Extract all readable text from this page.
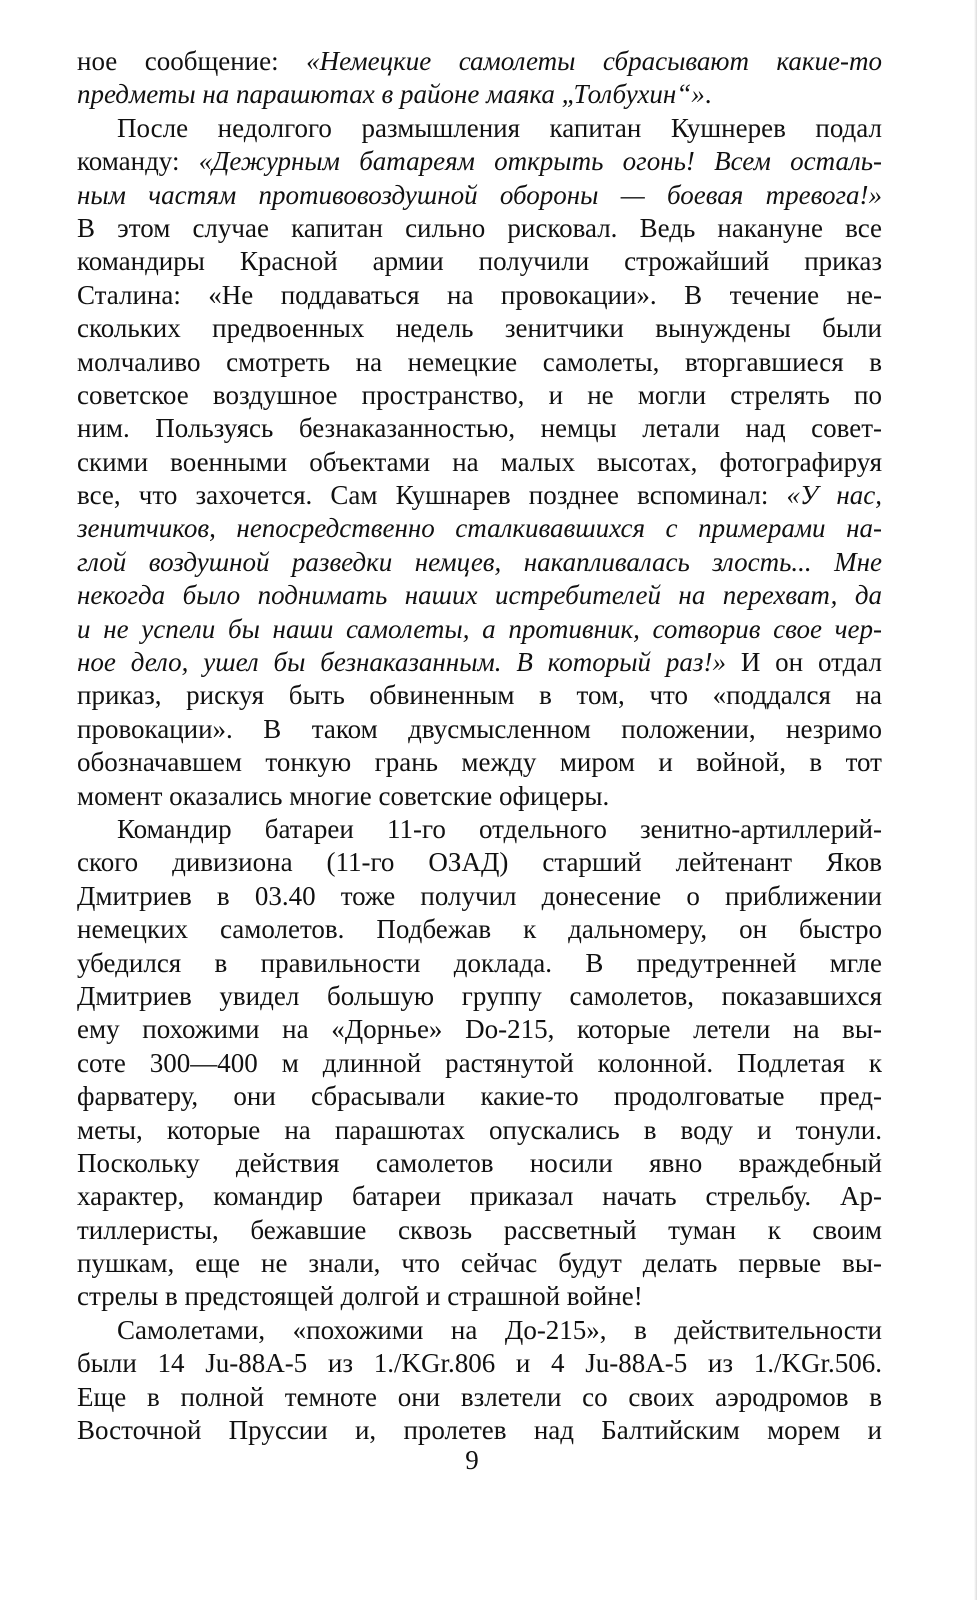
ное сообщение: «Немецкие самолеты сбрасывают какие-то
предметы на парашютах в районе маяка „Толбухин“».
После недолгого размышления капитан Кушнерев подал
команду: «Дежурным батареям открыть огонь! Всем осталь-
ным частям противовоздушной обороны — боевая тревога!»
В этом случае капитан сильно рисковал. Ведь накануне все
командиры Красной армии получили строжайший приказ
Сталина: «Не поддаваться на провокации». В течение не-
скольких предвоенных недель зенитчики вынуждены были
молчаливо смотреть на немецкие самолеты, вторгавшиеся в
советское воздушное пространство, и не могли стрелять по
ним. Пользуясь безнаказанностью, немцы летали над совет-
скими военными объектами на малых высотах, фотографируя
все, что захочется. Сам Кушнарев позднее вспоминал: «У нас,
зенитчиков, непосредственно сталкивавшихся с примерами на-
глой воздушной разведки немцев, накапливалась злость... Мне
некогда было поднимать наших истребителей на перехват, да
и не успели бы наши самолеты, а противник, сотворив свое чер-
ное дело, ушел бы безнаказанным. В который раз!» И он отдал
приказ, рискуя быть обвиненным в том, что «поддался на
провокации». В таком двусмысленном положении, незримо
обозначавшем тонкую грань между миром и войной, в тот
момент оказались многие советские офицеры.
Командир батареи 11-го отдельного зенитно-артиллерий-
ского дивизиона (11-го ОЗАД) старший лейтенант Яков
Дмитриев в 03.40 тоже получил донесение о приближении
немецких самолетов. Подбежав к дальномеру, он быстро
убедился в правильности доклада. В предутренней мгле
Дмитриев увидел большую группу самолетов, показавшихся
ему похожими на «Дорнье» Do-215, которые летели на вы-
соте 300—400 м длинной растянутой колонной. Подлетая к
фарватеру, они сбрасывали какие-то продолговатые пред-
меты, которые на парашютах опускались в воду и тонули.
Поскольку действия самолетов носили явно враждебный
характер, командир батареи приказал начать стрельбу. Ар-
тиллеристы, бежавшие сквозь рассветный туман к своим
пушкам, еще не знали, что сейчас будут делать первые вы-
стрелы в предстоящей долгой и страшной войне!
Самолетами, «похожими на До-215», в действительности
были 14 Ju-88A-5 из 1./KGr.806 и 4 Ju-88A-5 из 1./KGr.506.
Еще в полной темноте они взлетели со своих аэродромов в
Восточной Пруссии и, пролетев над Балтийским морем и
9
